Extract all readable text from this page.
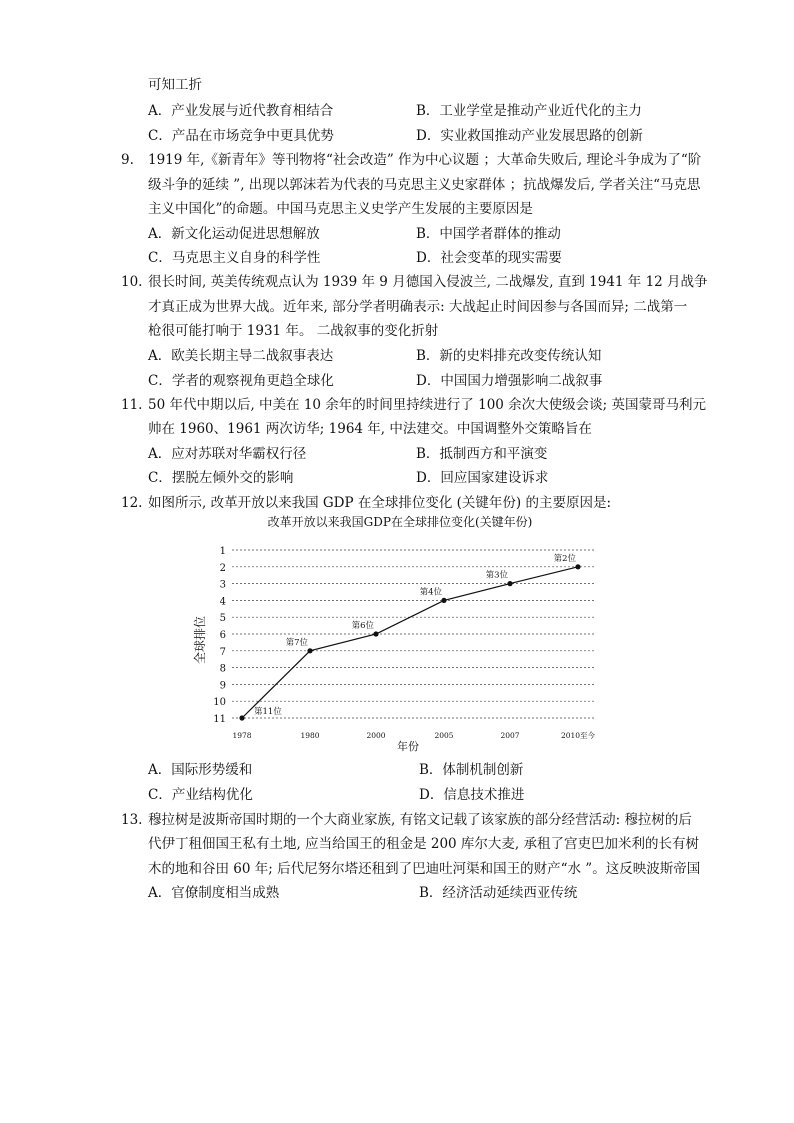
可知工折
A．产业发展与近代教育相结合	B．工业学堂是推动产业近代化的主力
C．产品在市场竞争中更具优势	D．实业救国推动产业发展思路的创新
9. 1919 年,《新青年》等刊物将“社会改造” 作为中心议题 ；大革命失败后, 理论斗争成为了“阶
级斗争的延续 ”, 出现以郭沫若为代表的马克思主义史家群体 ；抗战爆发后, 学者关注“马克思
主义中国化”的命题。中国马克思主义史学产生发展的主要原因是
A．新文化运动促进思想解放	B．中国学者群体的推动
C．马克思主义自身的科学性	D．社会变革的现实需要
10. 很长时间, 英美传统观点认为 1939 年 9 月德国入侵波兰, 二战爆发, 直到 1941 年 12 月战争
才真正成为世界大战。近年来, 部分学者明确表示: 大战起止时间因参与各国而异; 二战第一
枪很可能打响于 1931 年。 二战叙事的变化折射
A．欧美长期主导二战叙事表达	B．新的史料排充改变传统认知
C．学者的观察视角更趋全球化	D．中国国力增强影响二战叙事
11. 50 年代中期以后, 中美在 10 余年的时间里持续进行了 100 余次大使级会谈; 英国蒙哥马利元
帅在 1960、1961 两次访华; 1964 年, 中法建交。中国调整外交策略旨在
A．应对苏联对华霸权行径	B．抵制西方和平演变
C．摆脱左倾外交的影响	D．回应国家建设诉求
12. 如图所示, 改革开放以来我国 GDP 在全球排位变化 (关键年份) 的主要原因是:
改革开放以来我国GDP在全球排位变化(关键年份)
全球排位
年份
1
2
3
4
5
6
7
8
9
10
11
1978	1980	2000	2005	2007	2010至今
第11位
第7位
第6位
第4位
第3位
第2位
A．国际形势缓和	B．体制机制创新
C．产业结构优化	D．信息技术推进
13. 穆拉树是波斯帝国时期的一个大商业家族, 有铭文记载了该家族的部分经营活动: 穆拉树的后
代伊丁租佃国王私有土地, 应当给国王的租金是 200 库尔大麦, 承租了宫吏巴加米利的长有树
木的地和谷田 60 年; 后代尼努尔塔还租到了巴迪吐河渠和国王的财产“水 ”。这反映波斯帝国
A．官僚制度相当成熟	B．经济活动延续西亚传统
